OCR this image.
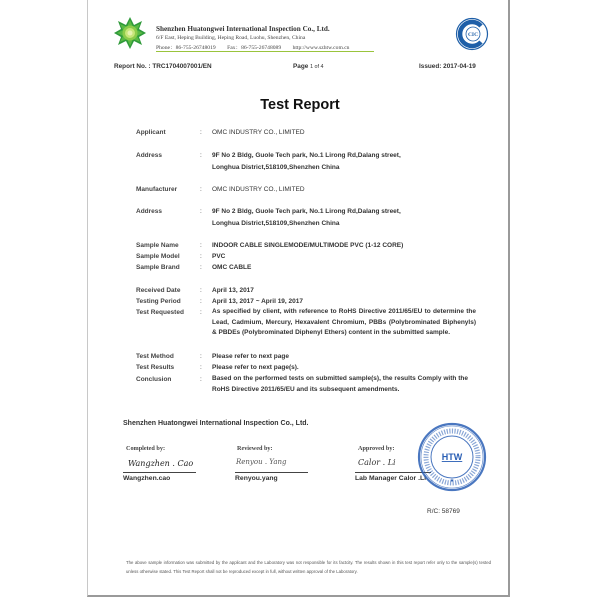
Shenzhen Huatongwei International Inspection Co., Ltd.
6/F East, Heping Building, Heping Road, Luohu, Shenzhen, China
Phone：86-755-26748019 Fax：86-755-26748089 http://www.szhtw.com.cn
CIC
Report No. : TRC1704007001/EN	Page 1 of 4	Issued: 2017-04-19
Test Report
Applicant	: OMC INDUSTRY CO., LIMITED
Address	: 9F No 2 Bldg, Guole Tech park, No.1 Lirong Rd,Dalang street,
Longhua District,518109,Shenzhen China
Manufacturer	: OMC INDUSTRY CO., LIMITED
Address	: 9F No 2 Bldg, Guole Tech park, No.1 Lirong Rd,Dalang street,
Longhua District,518109,Shenzhen China
Sample Name	: INDOOR CABLE SINGLEMODE/MULTIMODE PVC (1-12 CORE)
Sample Model	: PVC
Sample Brand	: OMC CABLE
Received Date	: April 13, 2017
Testing Period	: April 13, 2017 ~ April 19, 2017
Test Requested : As specified by client, with reference to RoHS Directive 2011/65/EU to determine the Lead, Cadmium, Mercury, Hexavalent Chromium, PBBs (Polybrominated Biphenyls) & PBDEs (Polybrominated Diphenyl Ethers) content in the submitted sample.
Test Method	: Please refer to next page
Test Results	: Please refer to next page(s).
Conclusion	: Based on the performed tests on submitted sample(s), the results Comply with the RoHS Directive 2011/65/EU and its subsequent amendments.
Shenzhen Huatongwei International Inspection Co., Ltd.
Completed by:
Wangzhen . Cao
Wangzhen.cao
Reviewed by:
Renyou . Yang
Renyou.yang
Approved by:
Calor . Li
Lab Manager Calor .Li
HTW
★
R/C: 58769
The above sample information was submitted by the applicant and the Laboratory was not responsible for its factcity. The results shown in this test report refer only to the sample(s) tested unless otherwise stated. This Test Report shall not be reproduced except in full, without written approval of the Laboratory.
